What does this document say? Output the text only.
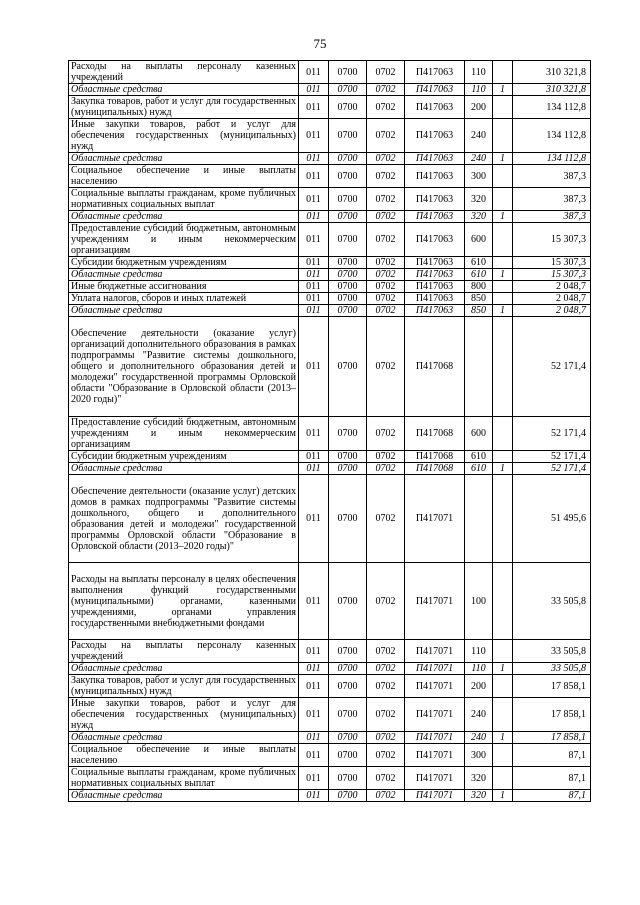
75
Расходы на выплаты персоналу казенных учреждений	011	0700	0702	П417063	110		310 321,8
Областные средства	011	0700	0702	П417063	110	1	310 321,8
Закупка товаров, работ и услуг для государственных (муниципальных) нужд	011	0700	0702	П417063	200		134 112,8
Иные закупки товаров, работ и услуг для обеспечения государственных (муниципальных) нужд	011	0700	0702	П417063	240		134 112,8
Областные средства	011	0700	0702	П417063	240	1	134 112,8
Социальное обеспечение и иные выплаты населению	011	0700	0702	П417063	300		387,3
Социальные выплаты гражданам, кроме публичных нормативных социальных выплат	011	0700	0702	П417063	320		387,3
Областные средства	011	0700	0702	П417063	320	1	387,3
Предоставление субсидий бюджетным, автономным учреждениям и иным некоммерческим организациям	011	0700	0702	П417063	600		15 307,3
Субсидии бюджетным учреждениям	011	0700	0702	П417063	610		15 307,3
Областные средства	011	0700	0702	П417063	610	1	15 307,3
Иные бюджетные ассигнования	011	0700	0702	П417063	800		2 048,7
Уплата налогов, сборов и иных платежей	011	0700	0702	П417063	850		2 048,7
Областные средства	011	0700	0702	П417063	850	1	2 048,7
Обеспечение деятельности (оказание услуг) организаций дополнительного образования в рамках подпрограммы "Развитие системы дошкольного, общего и дополнительного образования детей и молодежи" государственной программы Орловской области "Образование в Орловской области (2013–2020 годы)"	011	0700	0702	П417068			52 171,4
Предоставление субсидий бюджетным, автономным учреждениям и иным некоммерческим организациям	011	0700	0702	П417068	600		52 171,4
Субсидии бюджетным учреждениям	011	0700	0702	П417068	610		52 171,4
Областные средства	011	0700	0702	П417068	610	1	52 171,4
Обеспечение деятельности (оказание услуг) детских домов в рамках подпрограммы "Развитие системы дошкольного, общего и дополнительного образования детей и молодежи" государственной программы Орловской области "Образование в Орловской области (2013–2020 годы)"	011	0700	0702	П417071			51 495,6
Расходы на выплаты персоналу в целях обеспечения выполнения функций государственными (муниципальными) органами, казенными учреждениями, органами управления государственными внебюджетными фондами	011	0700	0702	П417071	100		33 505,8
Расходы на выплаты персоналу казенных учреждений	011	0700	0702	П417071	110		33 505,8
Областные средства	011	0700	0702	П417071	110	1	33 505,8
Закупка товаров, работ и услуг для государственных (муниципальных) нужд	011	0700	0702	П417071	200		17 858,1
Иные закупки товаров, работ и услуг для обеспечения государственных (муниципальных) нужд	011	0700	0702	П417071	240		17 858,1
Областные средства	011	0700	0702	П417071	240	1	17 858,1
Социальное обеспечение и иные выплаты населению	011	0700	0702	П417071	300		87,1
Социальные выплаты гражданам, кроме публичных нормативных социальных выплат	011	0700	0702	П417071	320		87,1
Областные средства	011	0700	0702	П417071	320	1	87,1
